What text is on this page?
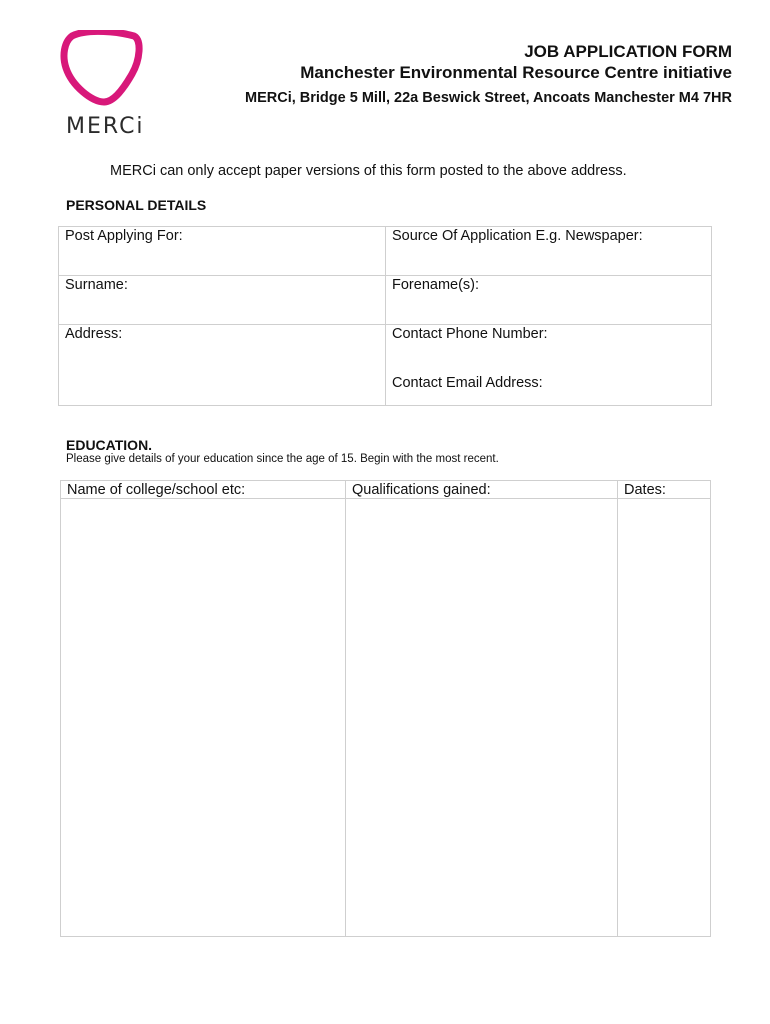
MERCi
JOB APPLICATION FORM
Manchester Environmental Resource Centre initiative
MERCi, Bridge 5 Mill, 22a Beswick Street, Ancoats Manchester M4 7HR
MERCi can only accept paper versions of this form posted to the above address.
PERSONAL DETAILS
Post Applying For:	Source Of Application E.g. Newspaper:
Surname:	Forename(s):
Address:	Contact Phone Number:
Contact Email Address:
EDUCATION.
Please give details of your education since the age of 15. Begin with the most recent.
Name of college/school etc:	Qualifications gained:	Dates:
